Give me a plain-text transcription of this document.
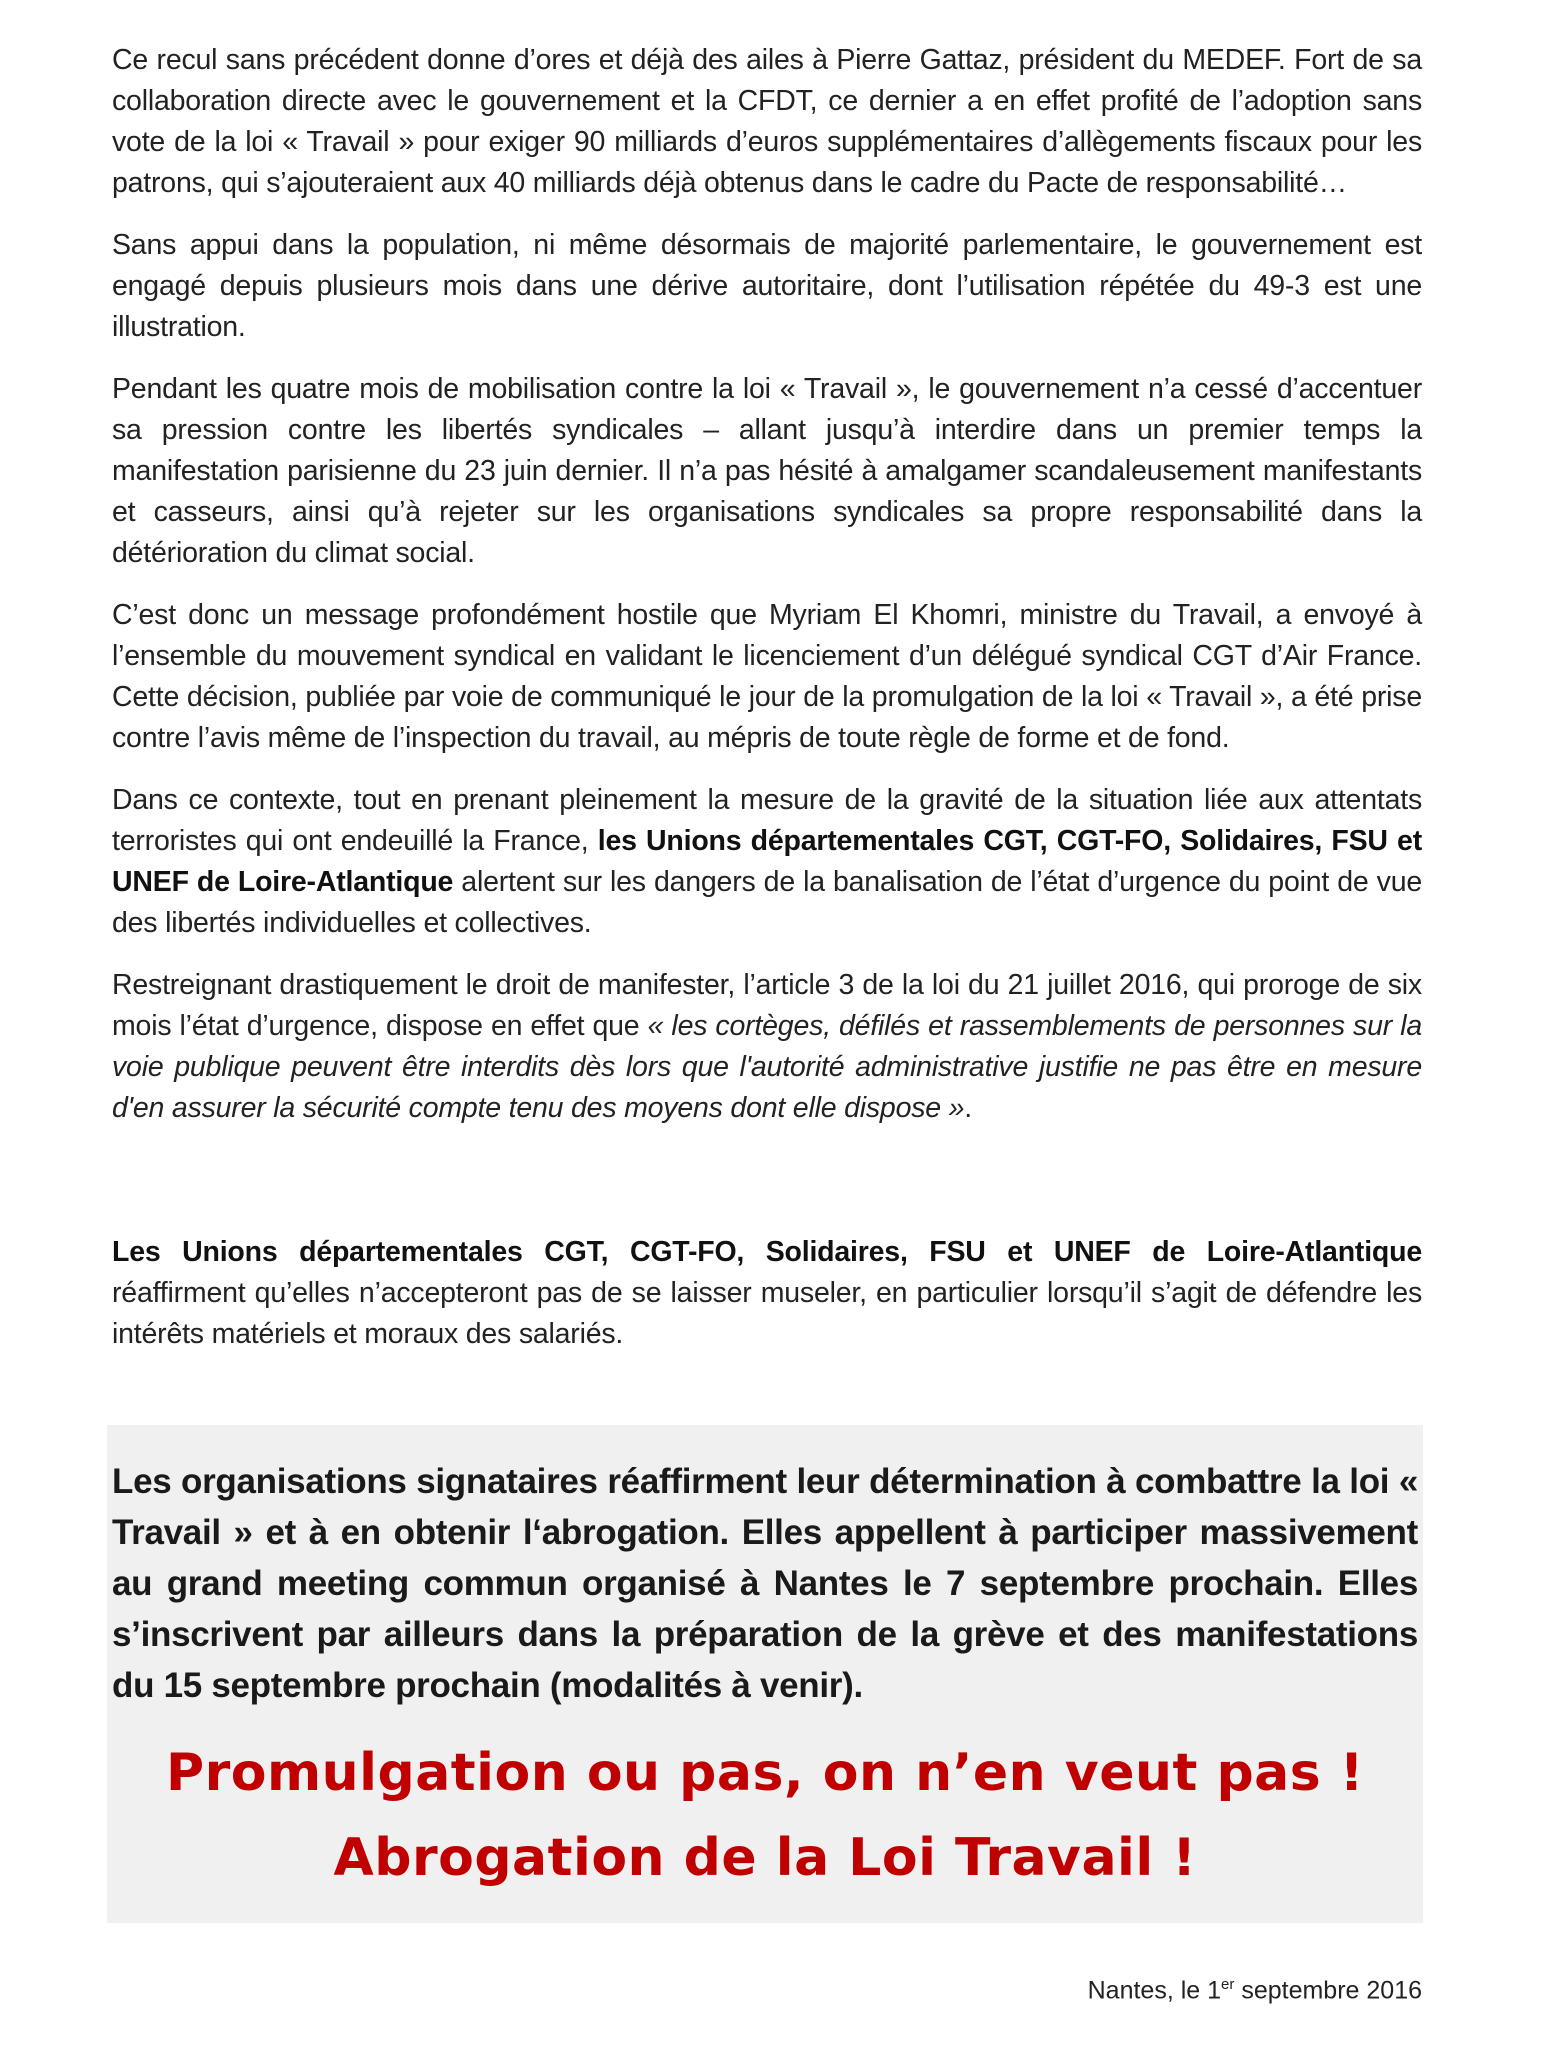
Ce recul sans précédent donne d’ores et déjà des ailes à Pierre Gattaz, président du MEDEF. Fort de sa collaboration directe avec le gouvernement et la CFDT, ce dernier a en effet profité de l’adoption sans vote de la loi « Travail » pour exiger 90 milliards d’euros supplémentaires d’allègements fiscaux pour les patrons, qui s’ajouteraient aux 40 milliards déjà obtenus dans le cadre du Pacte de responsabilité…

Sans appui dans la population, ni même désormais de majorité parlementaire, le gouvernement est engagé depuis plusieurs mois dans une dérive autoritaire, dont l’utilisation répétée du 49-3 est une illustration.

Pendant les quatre mois de mobilisation contre la loi « Travail », le gouvernement n’a cessé d’accentuer sa pression contre les libertés syndicales – allant jusqu’à interdire dans un premier temps la manifestation parisienne du 23 juin dernier. Il n’a pas hésité à amalgamer scandaleusement manifestants et casseurs, ainsi qu’à rejeter sur les organisations syndicales sa propre responsabilité dans la détérioration du climat social.

C’est donc un message profondément hostile que Myriam El Khomri, ministre du Travail, a envoyé à l’ensemble du mouvement syndical en validant le licenciement d’un délégué syndical CGT d’Air France. Cette décision, publiée par voie de communiqué le jour de la promulgation de la loi « Travail », a été prise contre l’avis même de l’inspection du travail, au mépris de toute règle de forme et de fond.

Dans ce contexte, tout en prenant pleinement la mesure de la gravité de la situation liée aux attentats terroristes qui ont endeuillé la France, les Unions départementales CGT, CGT-FO, Solidaires, FSU et UNEF de Loire-Atlantique alertent sur les dangers de la banalisation de l’état d’urgence du point de vue des libertés individuelles et collectives.

Restreignant drastiquement le droit de manifester, l’article 3 de la loi du 21 juillet 2016, qui proroge de six mois l’état d’urgence, dispose en effet que « les cortèges, défilés et rassemblements de personnes sur la voie publique peuvent être interdits dès lors que l'autorité administrative justifie ne pas être en mesure d'en assurer la sécurité compte tenu des moyens dont elle dispose ».

Les Unions départementales CGT, CGT-FO, Solidaires, FSU et UNEF de Loire-Atlantique réaffirment qu’elles n’accepteront pas de se laisser museler, en particulier lorsqu’il s’agit de défendre les intérêts matériels et moraux des salariés.

Les organisations signataires réaffirment leur détermination à combattre la loi « Travail » et à en obtenir l‘abrogation. Elles appellent à participer massivement au grand meeting commun organisé à Nantes le 7 septembre prochain. Elles s’inscrivent par ailleurs dans la préparation de la grève et des manifestations du 15 septembre prochain (modalités à venir).
Promulgation ou pas, on n’en veut pas !
Abrogation de la Loi Travail !
Nantes, le 1er septembre 2016
